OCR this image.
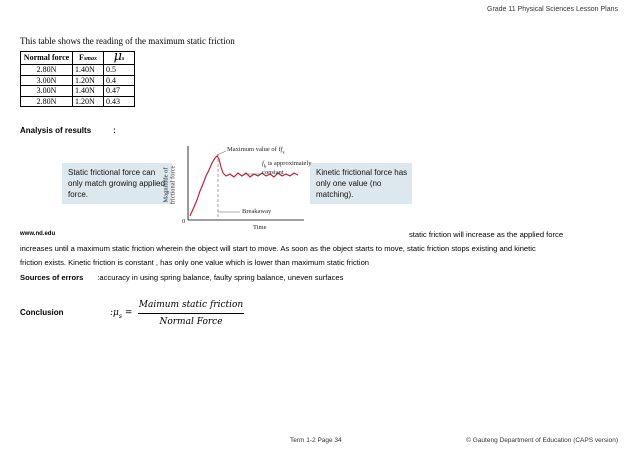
Grade 11 Physical Sciences Lesson Plans
This table shows the reading of the maximum static friction
Normal force	Fsmax	μs
2.80N	1.40N	0.5
3.00N	1.20N	0.4
3.00N	1.40N	0.47
2.80N	1.20N	0.43
Analysis of results	:
Static frictional force can only match growing applied force.
Kinetic frictional force has only one value (no matching).
Magnitude of
frictional force
Maximum value of $ff_s$
$f_k$ is approximately
constant
Breakaway
0
Time
www.nd.edu	static friction will increase as the applied force
increases until a maximum static friction wherein the object will start to move. As soon as the object starts to move, static friction stops existing and kinetic
friction exists. Kinetic friction is constant , has only one value which is lower than maximum static friction
Sources of errors :accuracy in using spring balance, faulty spring balance, uneven surfaces
Conclusion	$:\mu_s$ =
Maimum static friction
Normal Force
Term 1-2 Page 34	© Gauteng Department of Education (CAPS version)
